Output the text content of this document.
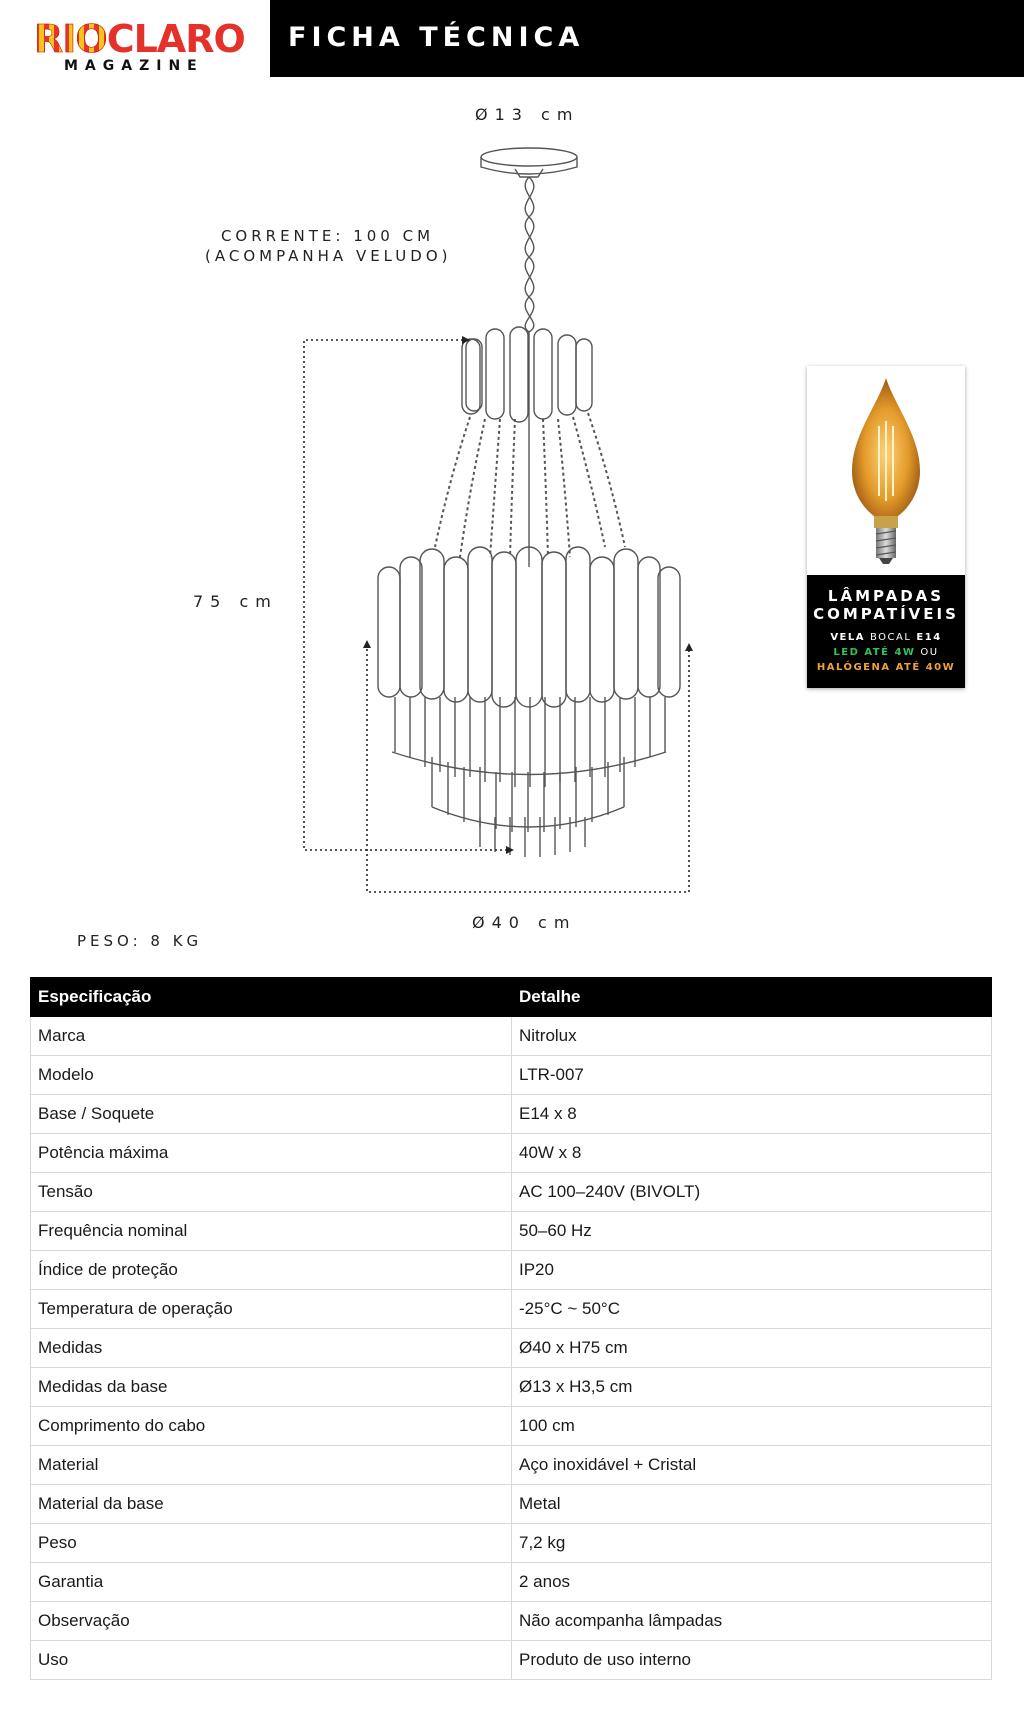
RIOCLARO
MAGAZINE
FICHA TÉCNICA
Ø13 cm
CORRENTE: 100 CM
(ACOMPANHA VELUDO)
75 cm
Ø40 cm
PESO: 8 KG
LÂMPADAS
COMPATÍVEIS
VELA BOCAL E14
LED ATÉ 4W OU
HALÓGENA ATÉ 40W
Especificação	Detalhe
Marca	Nitrolux
Modelo	LTR-007
Base / Soquete	E14 x 8
Potência máxima	40W x 8
Tensão	AC 100–240V (BIVOLT)
Frequência nominal	50–60 Hz
Índice de proteção	IP20
Temperatura de operação	-25°C ~ 50°C
Medidas	Ø40 x H75 cm
Medidas da base	Ø13 x H3,5 cm
Comprimento do cabo	100 cm
Material	Aço inoxidável + Cristal
Material da base	Metal
Peso	7,2 kg
Garantia	2 anos
Observação	Não acompanha lâmpadas
Uso	Produto de uso interno
